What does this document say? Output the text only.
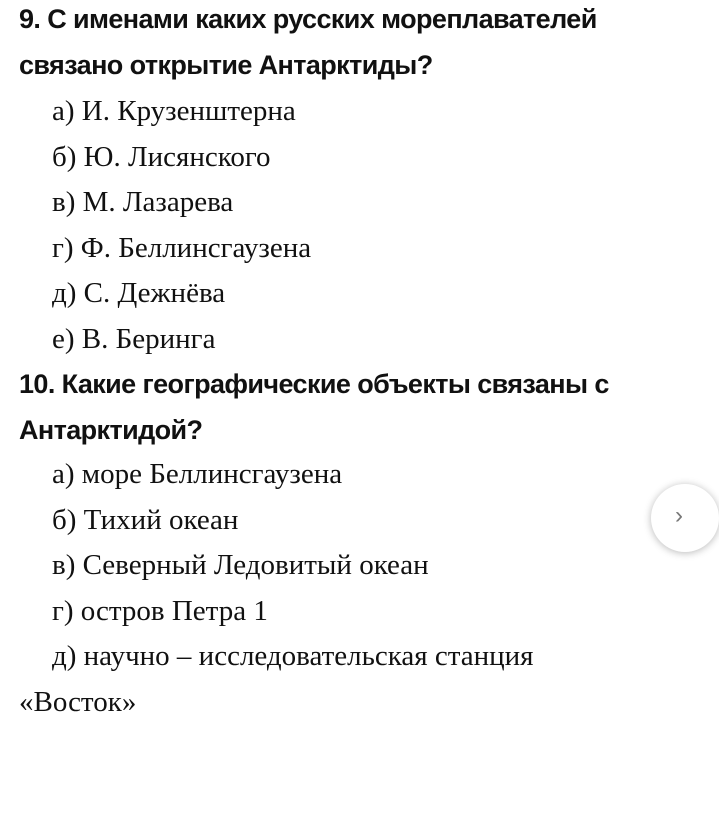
9. С именами каких русских мореплавателей связано открытие Антарктиды?
а) И. Крузенштерна
б) Ю. Лисянского
в) М. Лазарева
г) Ф. Беллинсгаузена
д) С. Дежнёва
е) В. Беринга
10. Какие географические объекты связаны с Антарктидой?
а) море Беллинсгаузена
б) Тихий океан
в) Северный Ледовитый океан
г) остров Петра 1
д) научно – исследовательская станция
«Восток»
›
